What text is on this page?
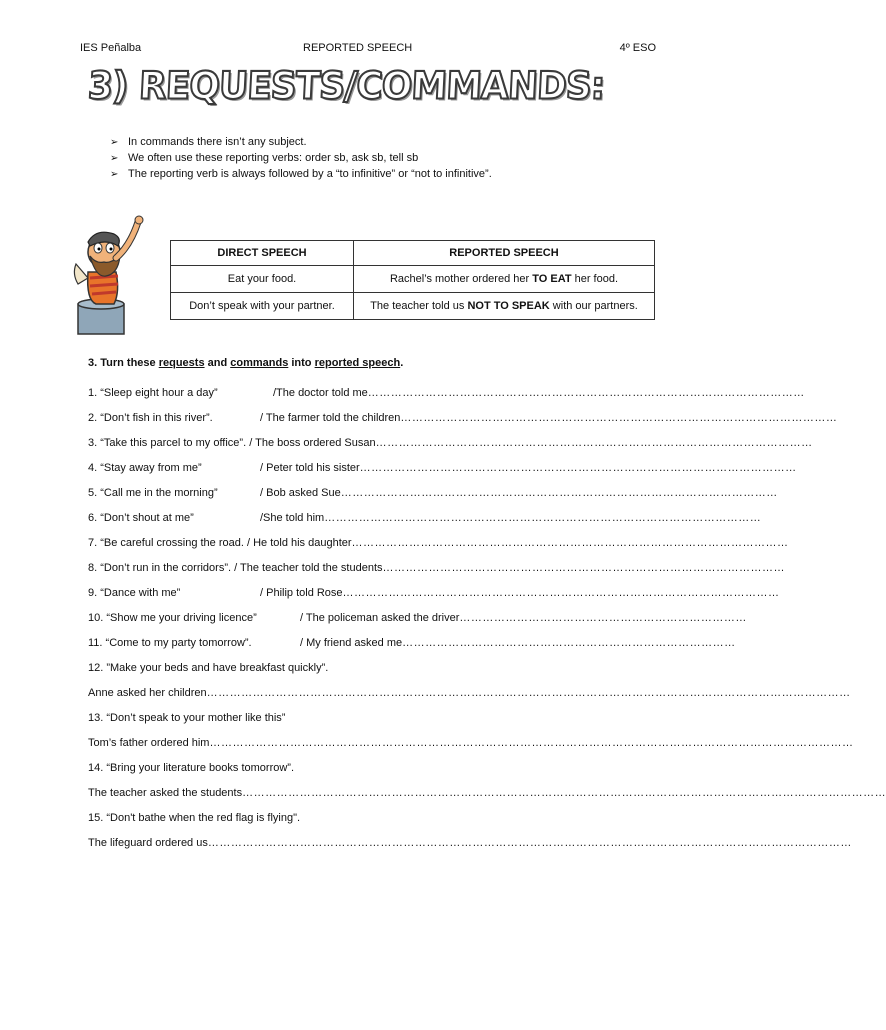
IES Peñalba	REPORTED SPEECH	4º ESO
3) REQUESTS/COMMANDS:
➢ In commands there isn’t any subject.
➢ We often use these reporting verbs: order sb, ask sb, tell sb
➢ The reporting verb is always followed by a “to infinitive” or “not to infinitive”.
DIRECT SPEECH	REPORTED SPEECH
Eat your food.	Rachel’s mother ordered her TO EAT her food.
Don’t speak with your partner.	The teacher told us NOT TO SPEAK with our partners.
3. Turn these requests and commands into reported speech.
1. “Sleep eight hour a day”	/The doctor told me……………………………………………………………………………………………………
2. “Don’t fish in this river”.	/ The farmer told the children……………………………………………………………………………………………………
3. “Take this parcel to my office”. / The boss ordered Susan……………………………………………………………………………………………………
4. “Stay away from me”	/ Peter told his sister……………………………………………………………………………………………………
5. “Call me in the morning”	/ Bob asked Sue……………………………………………………………………………………………………
6. “Don’t shout at me”	/She told him……………………………………………………………………………………………………
7. “Be careful crossing the road. / He told his daughter……………………………………………………………………………………………………
8. “Don’t run in the corridors”. / The teacher told the students……………………………………………………………………………………………
9. “Dance with me”	/ Philip told Rose……………………………………………………………………………………………………
10. “Show me your driving licence”	/ The policeman asked the driver…………………………………………………………………
11. “Come to my party tomorrow”.	/ My friend asked me……………………………………………………………………………
12. ”Make your beds and have breakfast quickly”.
Anne asked her children……………………………………………………………………………………………………………………………………………………
13. “Don’t speak to your mother like this”
Tom’s father ordered him……………………………………………………………………………………………………………………………………………………
14. “Bring your literature books tomorrow”.
The teacher asked the students……………………………………………………………………………………………………………………………………………………
15. “Don't bathe when the red flag is flying".
The lifeguard ordered us……………………………………………………………………………………………………………………………………………………
